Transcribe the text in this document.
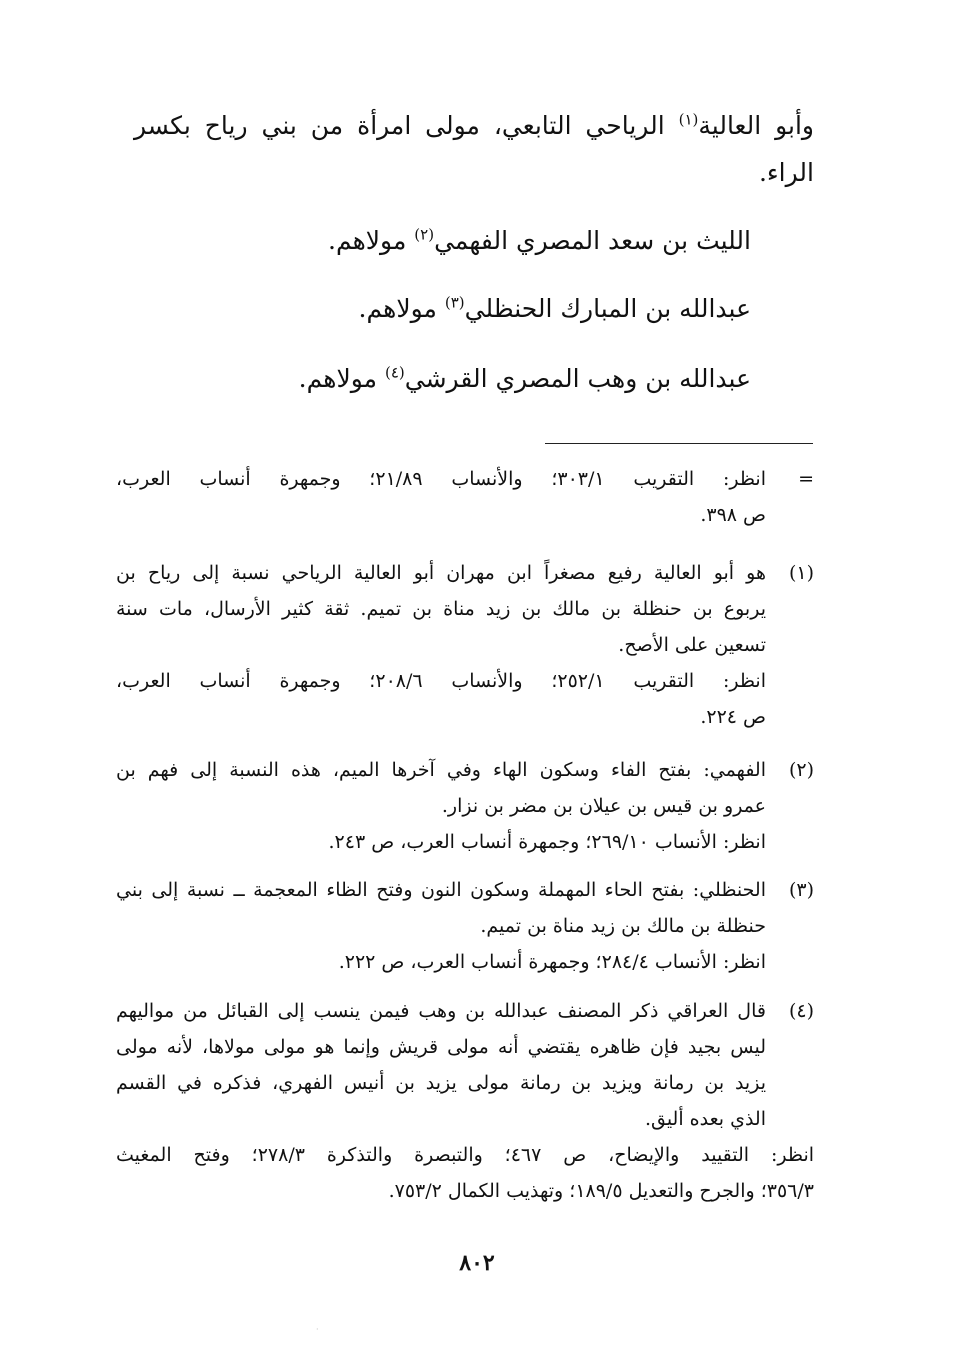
وأبو العالية$^{(١)}$ الرياحي التابعي، مولى امرأة من بني رياح بكسر
الراء.
الليث بن سعد المصري الفهمي$^{(٢)}$ مولاهم.
عبدالله بن المبارك الحنظلي$^{(٣)}$ مولاهم.
عبدالله بن وهب المصري القرشي$^{(٤)}$ مولاهم.
=
انظر: التقريب ٣٠٣/١؛ والأنساب ٢١/٨٩؛ وجمهرة أنساب العرب،
ص ٣٩٨.
(١)
هو أبو العالية رفيع مصغراً ابن مهران أبو العالية الرياحي نسبة إلى رياح بن
يربوع بن حنظلة بن مالك بن زيد مناة بن تميم. ثقة كثير الأرسال، مات سنة
تسعين على الأصح.
انظر: التقريب ٢٥٢/١؛ والأنساب ٢٠٨/٦؛ وجمهرة أنساب العرب،
ص ٢٢٤.
(٢)
الفهمي: بفتح الفاء وسكون الهاء وفي آخرها الميم، هذه النسبة إلى فهم بن
عمرو بن قيس بن عيلان بن مضر بن نزار.
انظر: الأنساب ٢٦٩/١٠؛ وجمهرة أنساب العرب، ص ٢٤٣.
(٣)
الحنظلي: بفتح الحاء المهملة وسكون النون وفتح الظاء المعجمة ــ نسبة إلى بني
حنظلة بن مالك بن زيد مناة بن تميم.
انظر: الأنساب ٢٨٤/٤؛ وجمهرة أنساب العرب، ص ٢٢٢.
(٤)
قال العراقي ذكر المصنف عبدالله بن وهب فيمن ينسب إلى القبائل من مواليهم
ليس بجيد فإن ظاهره يقتضي أنه مولى قريش وإنما هو مولى مولاها، لأنه مولى
يزيد بن رمانة ويزيد بن رمانة مولى يزيد بن أنيس الفهري، فذكره في القسم
الذي بعده أليق.
انظر: التقييد والإيضاح، ص ٤٦٧؛ والتبصرة والتذكرة ٢٧٨/٣؛ وفتح المغيث
٣٥٦/٣؛ والجرح والتعديل ١٨٩/٥؛ وتهذيب الكمال ٧٥٣/٢.
٨٠٢
·
